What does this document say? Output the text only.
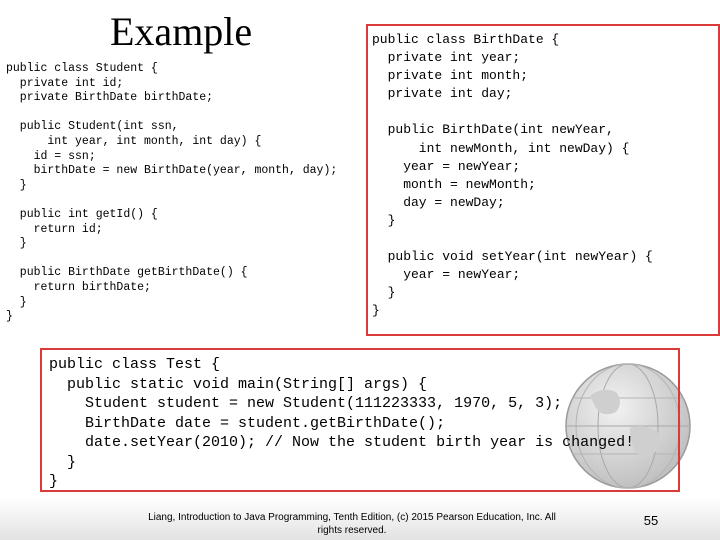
Example
public class Student {
private int id;
private BirthDate birthDate;

public Student(int ssn,
int year, int month, int day) {
id = ssn;
birthDate = new BirthDate(year, month, day);
}

public int getId() {
return id;
}

public BirthDate getBirthDate() {
return birthDate;
}
}
public class BirthDate {
private int year;
private int month;
private int day;

public BirthDate(int newYear,
int newMonth, int newDay) {
year = newYear;
month = newMonth;
day = newDay;
}

public void setYear(int newYear) {
year = newYear;
}
}
public class Test {
public static void main(String[] args) {
Student student = new Student(111223333, 1970, 5, 3);
BirthDate date = student.getBirthDate();
date.setYear(2010); // Now the student birth year is changed!
}
}

Liang, Introduction to Java Programming, Tenth Edition, (c) 2015 Pearson Education, Inc. All rights reserved.

55
